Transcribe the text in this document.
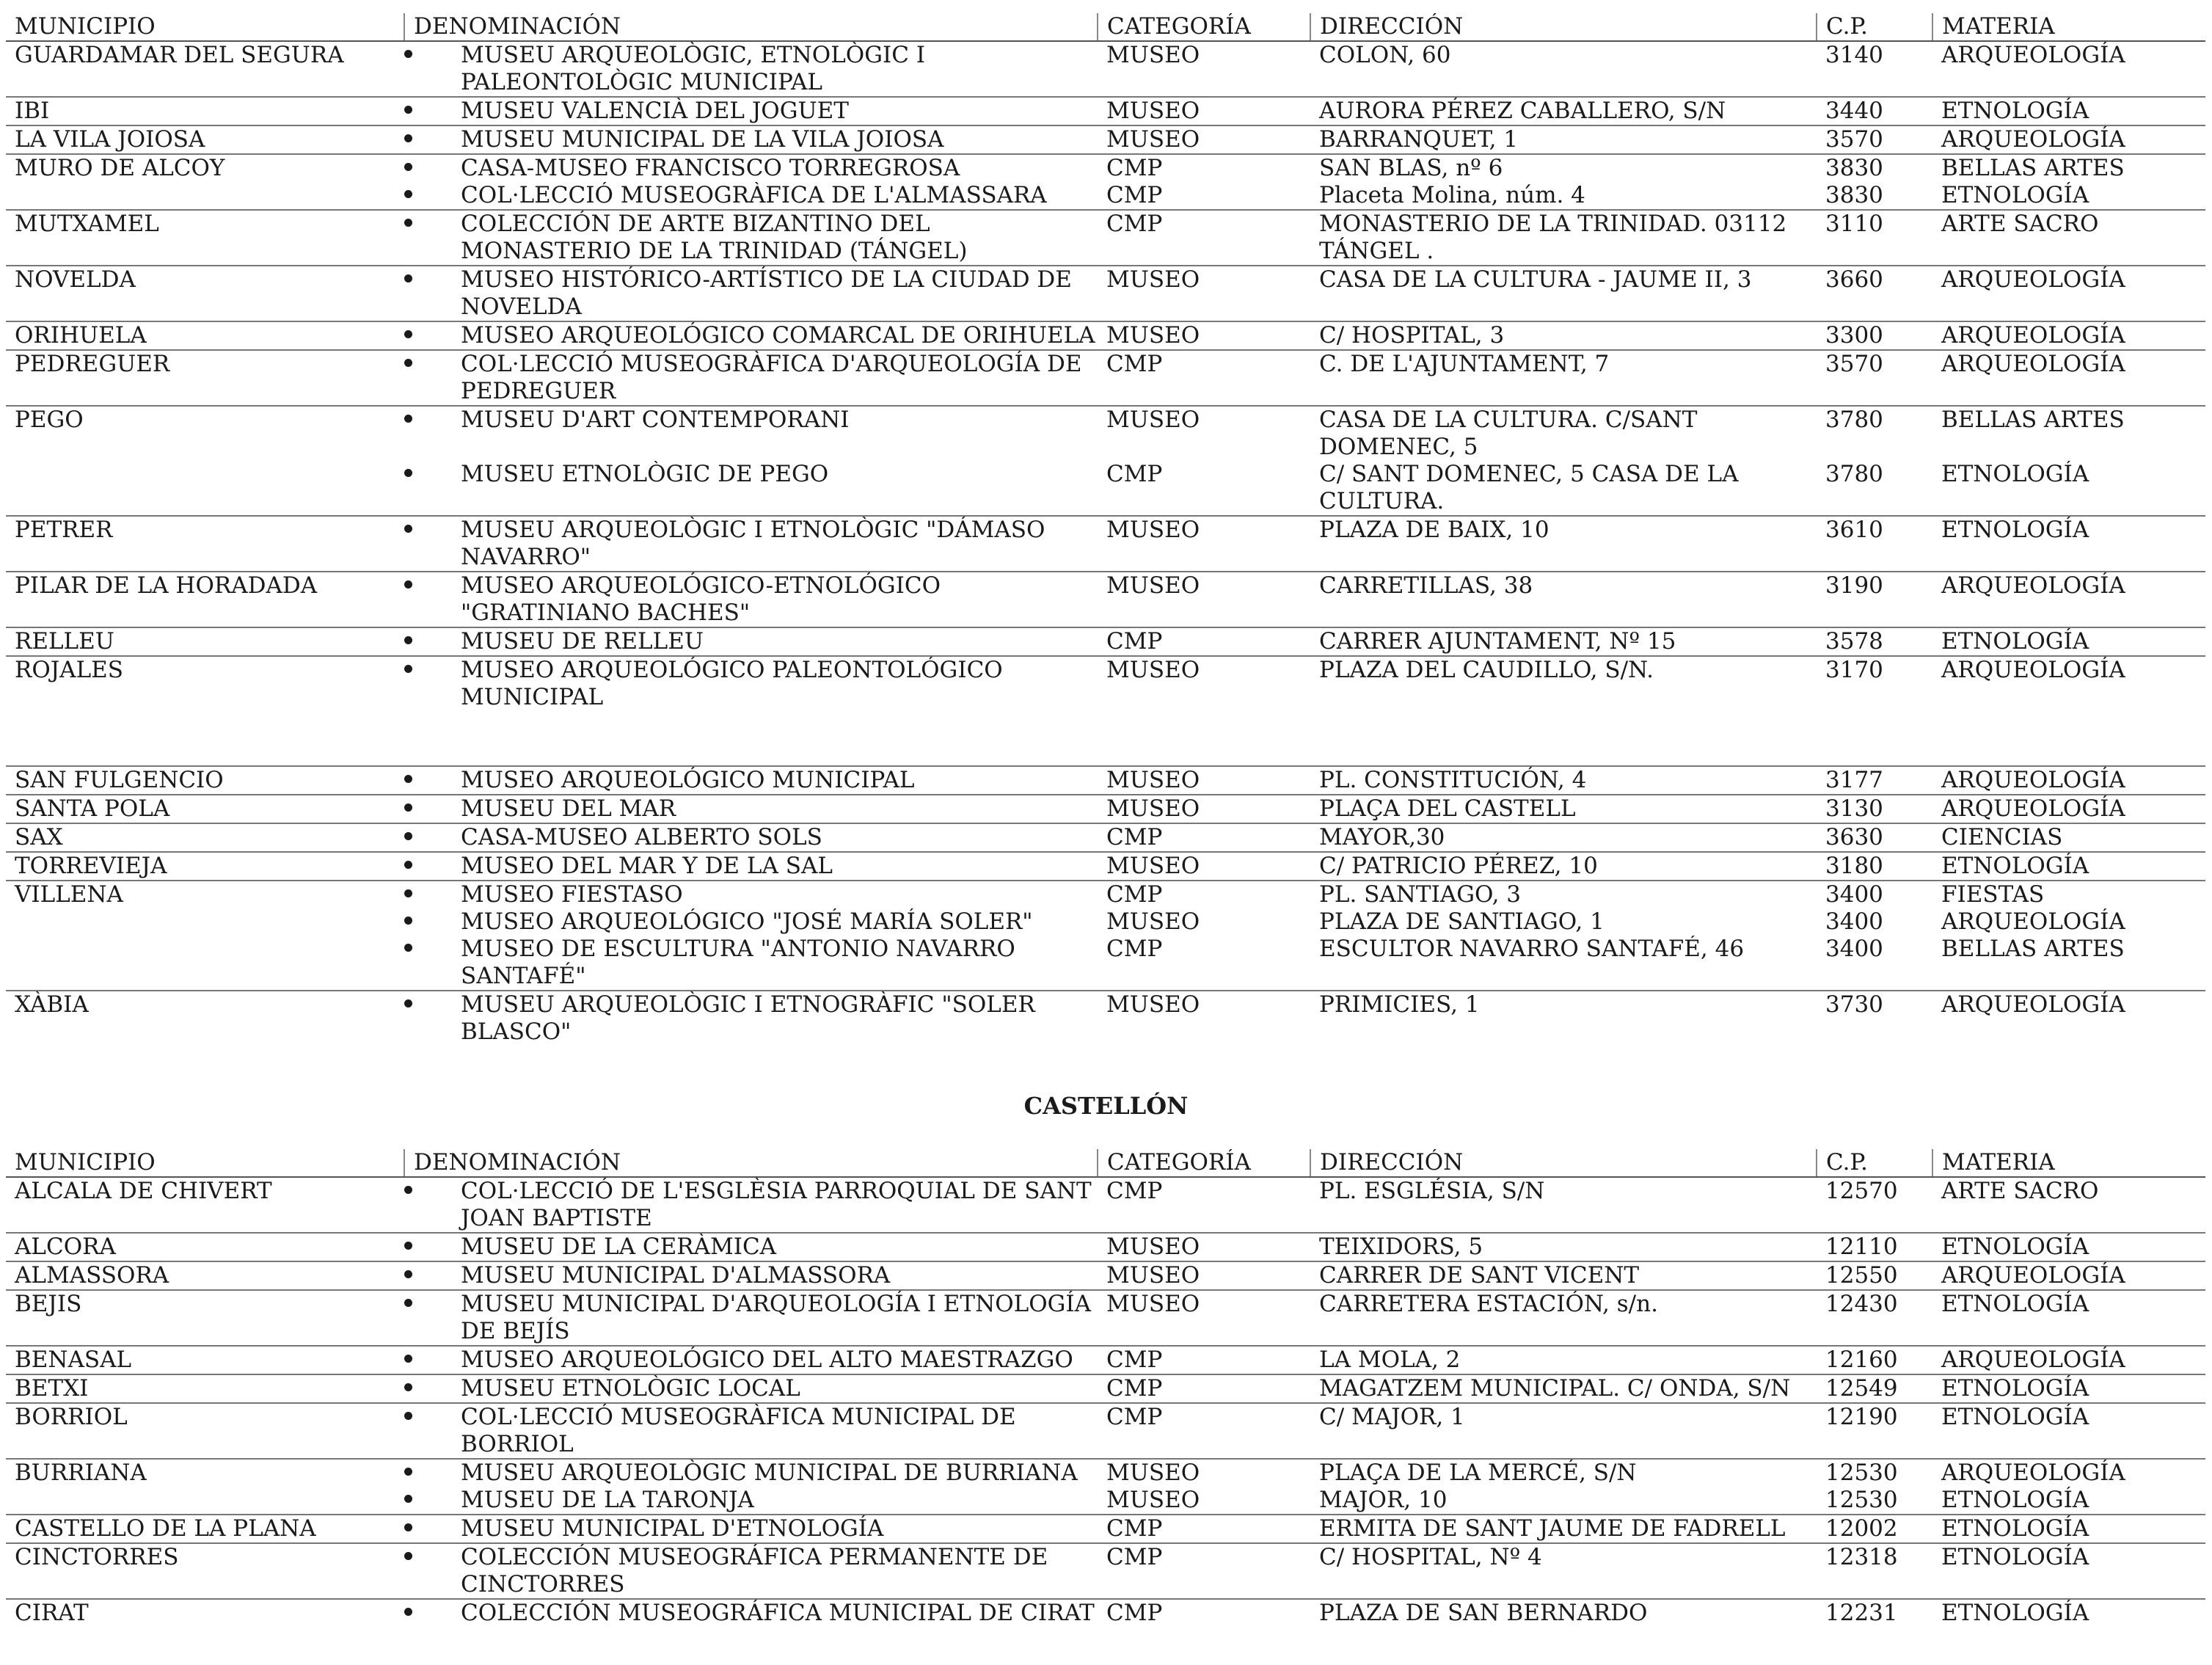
MUNICIPIO	DENOMINACIÓN		CATEGORÍA	DIRECCIÓN	C.P.	MATERIA
GUARDAMAR DEL SEGURA		MUSEU ARQUEOLÒGIC, ETNOLÒGIC I PALEONTOLÒGIC MUNICIPAL	MUSEO	COLON, 60	3140	ARQUEOLOGÍA
IBI		MUSEU VALENCIÀ DEL JOGUET	MUSEO	AURORA PÉREZ CABALLERO, S/N	3440	ETNOLOGÍA
LA VILA JOIOSA		MUSEU MUNICIPAL DE LA VILA JOIOSA	MUSEO	BARRANQUET, 1	3570	ARQUEOLOGÍA
MURO DE ALCOY		CASA-MUSEO FRANCISCO TORREGROSA	CMP	SAN BLAS, nº 6	3830	BELLAS ARTES
		COL·LECCIÓ MUSEOGRÀFICA DE L'ALMASSARA	CMP	Placeta Molina, núm. 4	3830	ETNOLOGÍA
MUTXAMEL		COLECCIÓN DE ARTE BIZANTINO DEL MONASTERIO DE LA TRINIDAD (TÁNGEL)	CMP	MONASTERIO DE LA TRINIDAD. 03112 TÁNGEL .	3110	ARTE SACRO
NOVELDA		MUSEO HISTÓRICO-ARTÍSTICO DE LA CIUDAD DE NOVELDA	MUSEO	CASA DE LA CULTURA - JAUME II, 3	3660	ARQUEOLOGÍA
ORIHUELA		MUSEO ARQUEOLÓGICO COMARCAL DE ORIHUELA	MUSEO	C/ HOSPITAL, 3	3300	ARQUEOLOGÍA
PEDREGUER		COL·LECCIÓ MUSEOGRÀFICA D'ARQUEOLOGÍA DE PEDREGUER	CMP	C. DE L'AJUNTAMENT, 7	3570	ARQUEOLOGÍA
PEGO		MUSEU D'ART CONTEMPORANI	MUSEO	CASA DE LA CULTURA. C/SANT DOMENEC, 5	3780	BELLAS ARTES
		MUSEU ETNOLÒGIC DE PEGO	CMP	C/ SANT DOMENEC, 5 CASA DE LA CULTURA.	3780	ETNOLOGÍA
PETRER		MUSEU ARQUEOLÒGIC I ETNOLÒGIC "DÁMASO NAVARRO"	MUSEO	PLAZA DE BAIX, 10	3610	ETNOLOGÍA
PILAR DE LA HORADADA		MUSEO ARQUEOLÓGICO-ETNOLÓGICO "GRATINIANO BACHES"	MUSEO	CARRETILLAS, 38	3190	ARQUEOLOGÍA
RELLEU		MUSEU DE RELLEU	CMP	CARRER AJUNTAMENT, Nº 15	3578	ETNOLOGÍA
ROJALES		MUSEO ARQUEOLÓGICO PALEONTOLÓGICO MUNICIPAL	MUSEO	PLAZA DEL CAUDILLO, S/N.	3170	ARQUEOLOGÍA

SAN FULGENCIO		MUSEO ARQUEOLÓGICO MUNICIPAL	MUSEO	PL. CONSTITUCIÓN, 4	3177	ARQUEOLOGÍA
SANTA POLA		MUSEU DEL MAR	MUSEO	PLAÇA DEL CASTELL	3130	ARQUEOLOGÍA
SAX		CASA-MUSEO ALBERTO SOLS	CMP	MAYOR,30	3630	CIENCIAS
TORREVIEJA		MUSEO DEL MAR Y DE LA SAL	MUSEO	C/ PATRICIO PÉREZ, 10	3180	ETNOLOGÍA
VILLENA		MUSEO FIESTASO	CMP	PL. SANTIAGO, 3	3400	FIESTAS
		MUSEO ARQUEOLÓGICO "JOSÉ MARÍA SOLER"	MUSEO	PLAZA DE SANTIAGO, 1	3400	ARQUEOLOGÍA
		MUSEO DE ESCULTURA "ANTONIO NAVARRO SANTAFÉ"	CMP	ESCULTOR NAVARRO SANTAFÉ, 46	3400	BELLAS ARTES
XÀBIA		MUSEU ARQUEOLÒGIC I ETNOGRÀFIC "SOLER BLASCO"	MUSEO	PRIMICIES, 1	3730	ARQUEOLOGÍA
CASTELLÓN
MUNICIPIO	DENOMINACIÓN		CATEGORÍA	DIRECCIÓN	C.P.	MATERIA
ALCALA DE CHIVERT		COL·LECCIÓ DE L'ESGLÈSIA PARROQUIAL DE SANT JOAN BAPTISTE	CMP	PL. ESGLÉSIA, S/N	12570	ARTE SACRO
ALCORA		MUSEU DE LA CERÀMICA	MUSEO	TEIXIDORS, 5	12110	ETNOLOGÍA
ALMASSORA		MUSEU MUNICIPAL D'ALMASSORA	MUSEO	CARRER DE SANT VICENT	12550	ARQUEOLOGÍA
BEJIS		MUSEU MUNICIPAL D'ARQUEOLOGÍA I ETNOLOGÍA DE BEJÍS	MUSEO	CARRETERA ESTACIÓN, s/n.	12430	ETNOLOGÍA
BENASAL		MUSEO ARQUEOLÓGICO DEL ALTO MAESTRAZGO	CMP	LA MOLA, 2	12160	ARQUEOLOGÍA
BETXI		MUSEU ETNOLÒGIC LOCAL	CMP	MAGATZEM MUNICIPAL. C/ ONDA, S/N	12549	ETNOLOGÍA
BORRIOL		COL·LECCIÓ MUSEOGRÀFICA MUNICIPAL DE BORRIOL	CMP	C/ MAJOR, 1	12190	ETNOLOGÍA
BURRIANA		MUSEU ARQUEOLÒGIC MUNICIPAL DE BURRIANA	MUSEO	PLAÇA DE LA MERCÉ, S/N	12530	ARQUEOLOGÍA
		MUSEU DE LA TARONJA	MUSEO	MAJOR, 10	12530	ETNOLOGÍA
CASTELLO DE LA PLANA		MUSEU MUNICIPAL D'ETNOLOGÍA	CMP	ERMITA DE SANT JAUME DE FADRELL	12002	ETNOLOGÍA
CINCTORRES		COLECCIÓN MUSEOGRÁFICA PERMANENTE DE CINCTORRES	CMP	C/ HOSPITAL, Nº 4	12318	ETNOLOGÍA
CIRAT		COLECCIÓN MUSEOGRÁFICA MUNICIPAL DE CIRAT	CMP	PLAZA DE SAN BERNARDO	12231	ETNOLOGÍA
